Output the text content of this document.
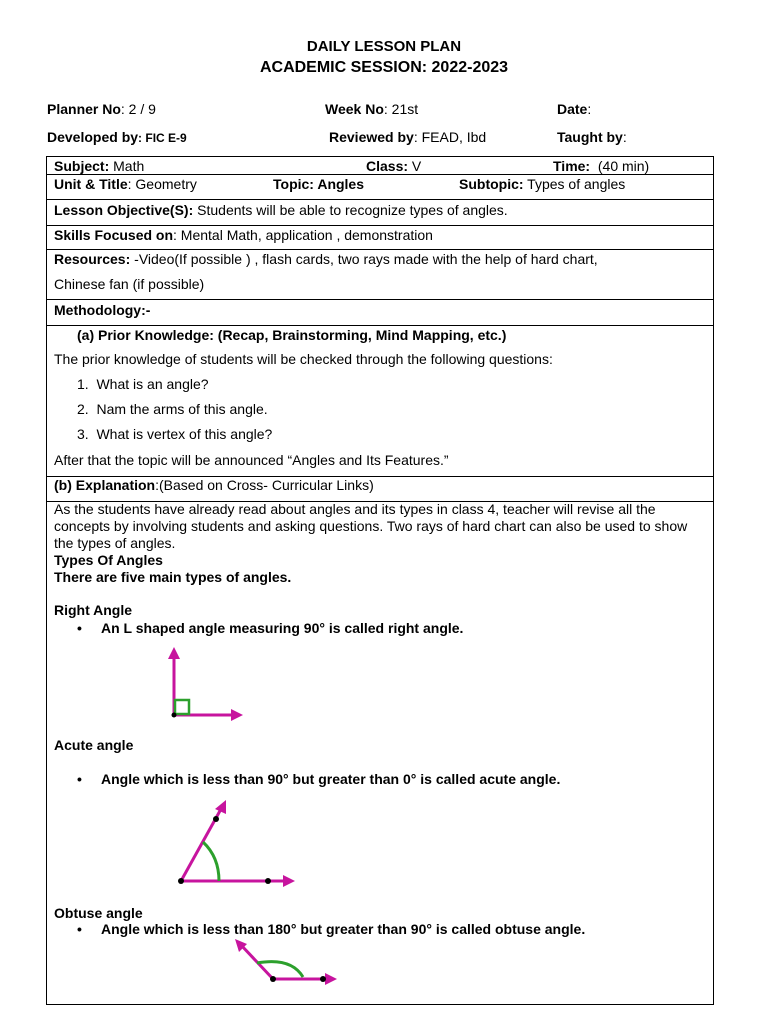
DAILY LESSON PLAN
ACADEMIC SESSION: 2022-2023
Planner No: 2 / 9	Week No: 21st	Date:
Developed by: FIC E-9	Reviewed by: FEAD, Ibd	Taught by:
Subject: Math	Class: V	Time:  (40 min)
Unit & Title: Geometry	Topic: Angles	Subtopic: Types of angles
Lesson Objective(S): Students will be able to recognize types of angles.
Skills Focused on: Mental Math, application , demonstration
Resources: -Video(If possible ) , flash cards, two rays made with the help of hard chart,
Chinese fan (if possible)
Methodology:-
(a) Prior Knowledge: (Recap, Brainstorming, Mind Mapping, etc.)
The prior knowledge of students will be checked through the following questions:
1. What is an angle?
2. Nam the arms of this angle.
3. What is vertex of this angle?
After that the topic will be announced “Angles and Its Features.”
(b) Explanation:(Based on Cross- Curricular Links)
As the students have already read about angles and its types in class 4, teacher will revise all the concepts by involving students and asking questions. Two rays of hard chart can also be used to show the types of angles.
Types Of Angles
There are five main types of angles.
Right Angle
• An L shaped angle measuring 90° is called right angle.
Acute angle
• Angle which is less than 90° but greater than 0° is called acute angle.
Obtuse angle
• Angle which is less than 180° but greater than 90° is called obtuse angle.
